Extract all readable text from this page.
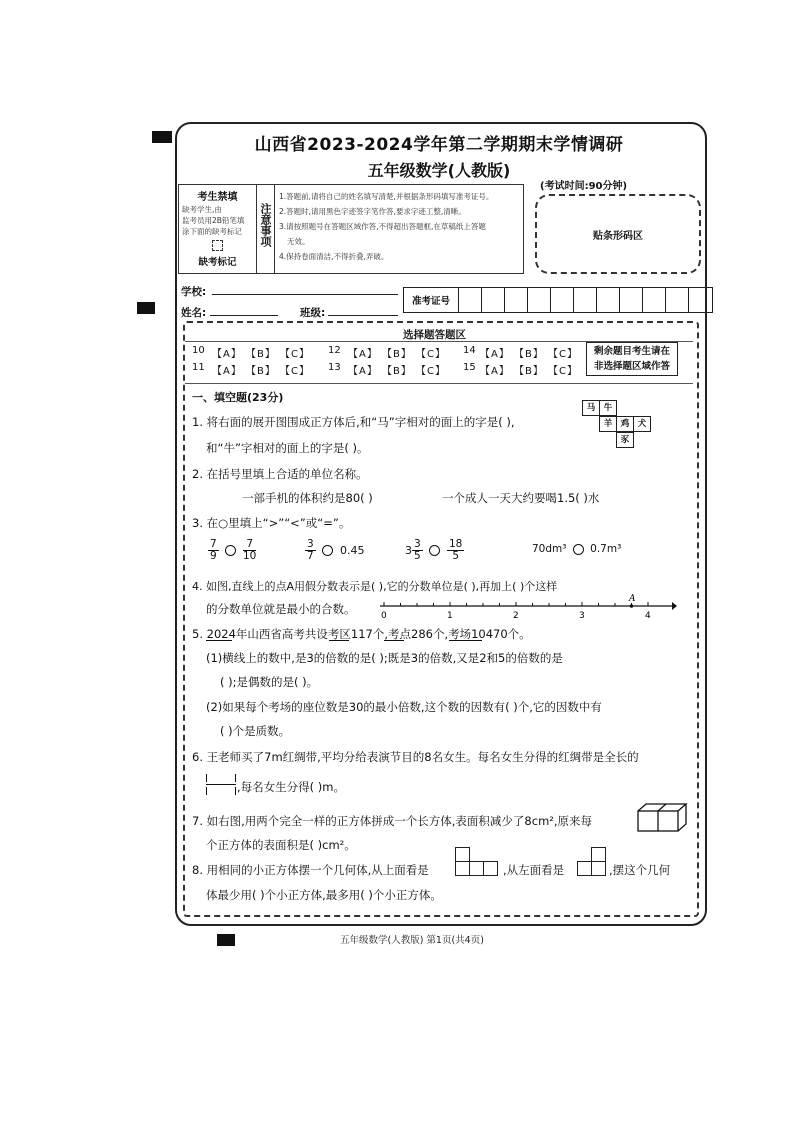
山西省2023-2024学年第二学期期末学情调研
五年级数学(人教版)
(考试时间:90分钟)
考生禁填
缺考学生,由
监考员用2B铅笔填
涂下面的缺考标记
缺考标记
注意事项
1.答题前,请将自己的姓名填写清楚,并根据条形码填写准考证号。
2.答题时,请用黑色字迹签字笔作答,要求字迹工整,清晰。
3.请按照题号在答题区域作答,不得超出答题框,在草稿纸上答题
无效。
4.保持卷面清洁,不得折叠,弄破。
贴条形码区
学校:
姓名:	班级:
准考证号
选择题答题区
10 【A】 【B】 【C】
11 【A】 【B】 【C】
12 【A】 【B】 【C】
13 【A】 【B】 【C】
14 【A】 【B】 【C】
15 【A】 【B】 【C】
剩余题目考生请在
非选择题区域作答
一、填空题(23分)
1. 将右面的展开图围成正方体后,和“马”字相对的面上的字是( ),
和“牛”字相对的面上的字是( )。
马 牛
羊 鸡 犬
豕
2. 在括号里填上合适的单位名称。
一部手机的体积约是80( )	一个成人一天大约要喝1.5( )水
3. 在○里填上“>”“<”或“=”。
$\frac{7}{9}$
$\frac{7}{10}$	$\frac{3}{7} 0.45$	$3 \frac{3}{5}$
$\frac{18}{5}$	70dm³ 0.7m³
4. 如图,直线上的点A用假分数表示是( ),它的分数单位是( ),再加上( )个这样
的分数单位就是最小的合数。
A
0	1	2	3	4
5. 2024年山西省高考共设考区117个,考点286个,考场10470个。
(1)横线上的数中,是3的倍数的是( );既是3的倍数,又是2和5的倍数的是
( );是偶数的是( )。
(2)如果每个考场的座位数是30的最小倍数,这个数的因数有( )个,它的因数中有
( )个是质数。
6. 王老师买了7m红绸带,平均分给表演节目的8名女生。每名女生分得的红绸带是全长的
,每名女生分得( )m。
7. 如右图,用两个完全一样的正方体拼成一个长方体,表面积减少了8cm²,原来每
个正方体的表面积是( )cm²。
8. 用相同的小正方体摆一个几何体,从上面看是	,从左面看是	,摆这个几何
体最少用( )个小正方体,最多用( )个小正方体。
五年级数学(人教版) 第1页(共4页)
